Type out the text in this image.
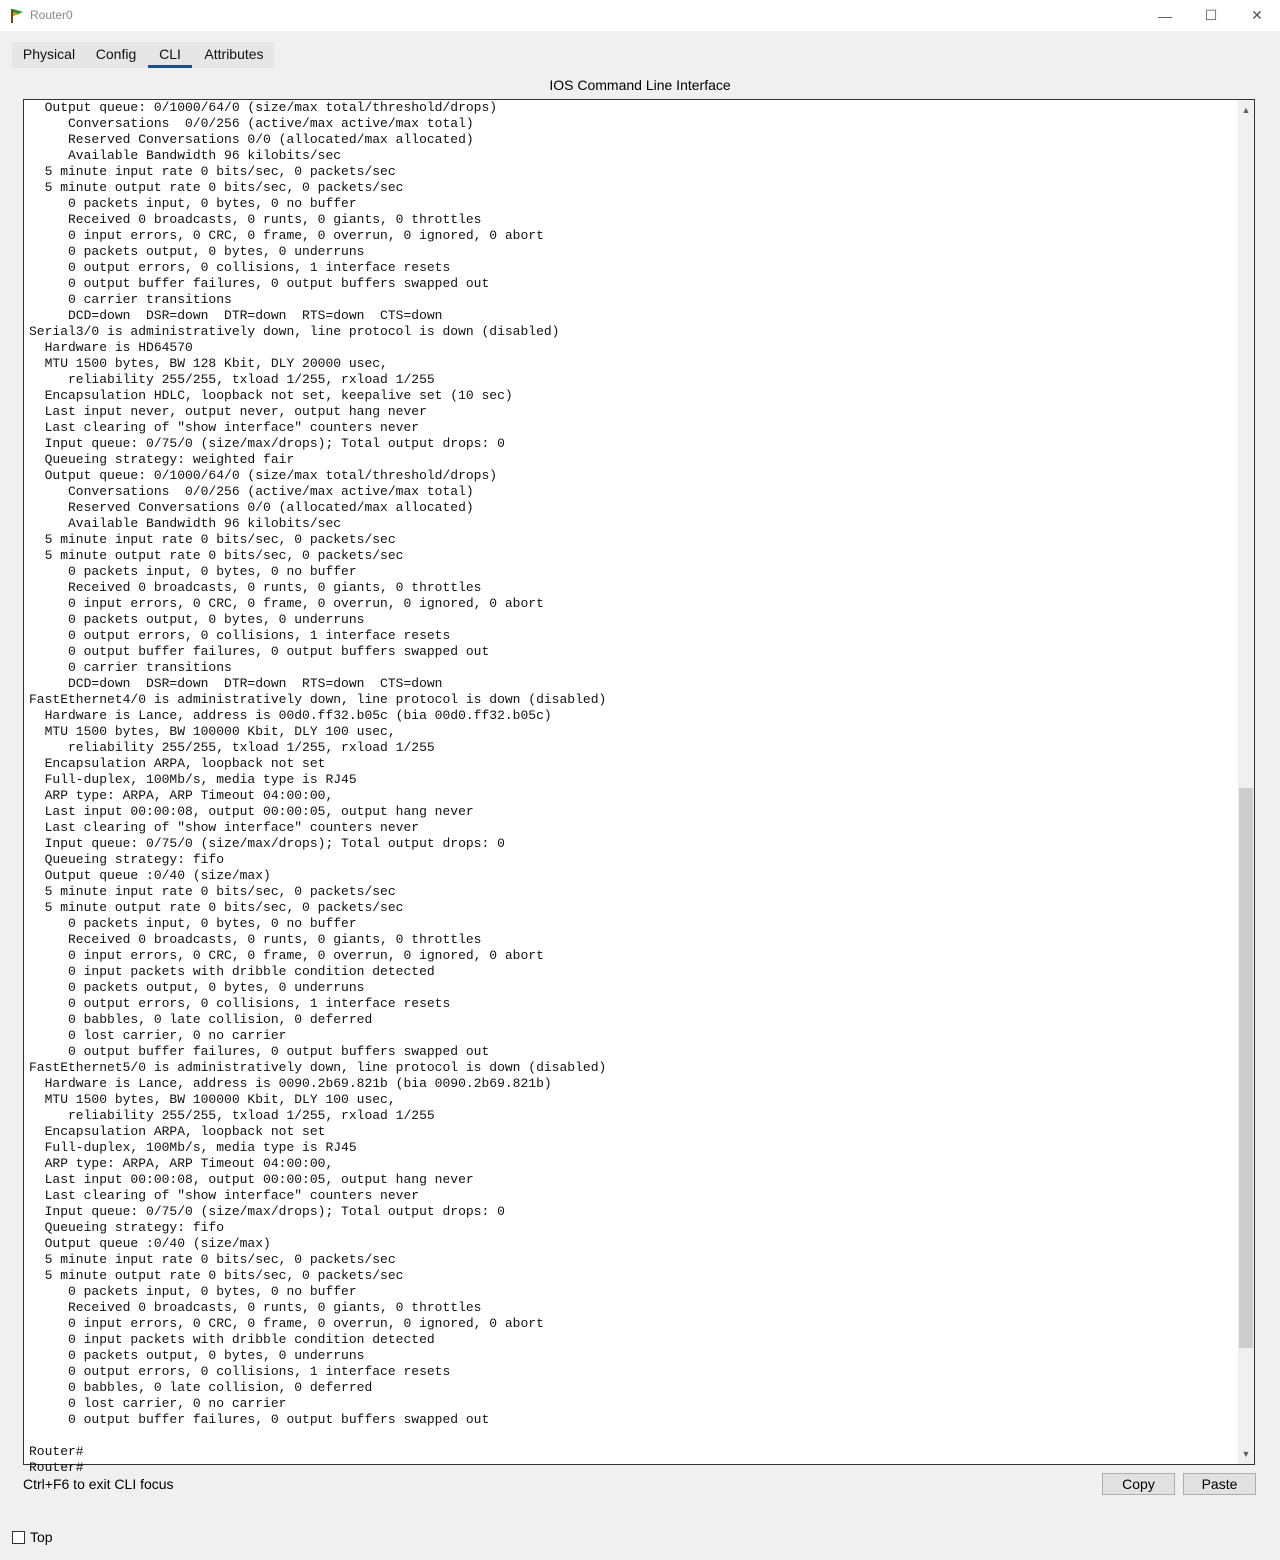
Router0	— ☐ ✕
Physical	Config	CLI	Attributes
IOS Command Line Interface
Output queue: 0/1000/64/0 (size/max total/threshold/drops)
Conversations  0/0/256 (active/max active/max total)
Reserved Conversations 0/0 (allocated/max allocated)
Available Bandwidth 96 kilobits/sec
5 minute input rate 0 bits/sec, 0 packets/sec
5 minute output rate 0 bits/sec, 0 packets/sec
0 packets input, 0 bytes, 0 no buffer
Received 0 broadcasts, 0 runts, 0 giants, 0 throttles
0 input errors, 0 CRC, 0 frame, 0 overrun, 0 ignored, 0 abort
0 packets output, 0 bytes, 0 underruns
0 output errors, 0 collisions, 1 interface resets
0 output buffer failures, 0 output buffers swapped out
0 carrier transitions
DCD=down  DSR=down  DTR=down  RTS=down  CTS=down
Serial3/0 is administratively down, line protocol is down (disabled)
Hardware is HD64570
MTU 1500 bytes, BW 128 Kbit, DLY 20000 usec,
reliability 255/255, txload 1/255, rxload 1/255
Encapsulation HDLC, loopback not set, keepalive set (10 sec)
Last input never, output never, output hang never
Last clearing of "show interface" counters never
Input queue: 0/75/0 (size/max/drops); Total output drops: 0
Queueing strategy: weighted fair
Output queue: 0/1000/64/0 (size/max total/threshold/drops)
Conversations  0/0/256 (active/max active/max total)
Reserved Conversations 0/0 (allocated/max allocated)
Available Bandwidth 96 kilobits/sec
5 minute input rate 0 bits/sec, 0 packets/sec
5 minute output rate 0 bits/sec, 0 packets/sec
0 packets input, 0 bytes, 0 no buffer
Received 0 broadcasts, 0 runts, 0 giants, 0 throttles
0 input errors, 0 CRC, 0 frame, 0 overrun, 0 ignored, 0 abort
0 packets output, 0 bytes, 0 underruns
0 output errors, 0 collisions, 1 interface resets
0 output buffer failures, 0 output buffers swapped out
0 carrier transitions
DCD=down  DSR=down  DTR=down  RTS=down  CTS=down
FastEthernet4/0 is administratively down, line protocol is down (disabled)
Hardware is Lance, address is 00d0.ff32.b05c (bia 00d0.ff32.b05c)
MTU 1500 bytes, BW 100000 Kbit, DLY 100 usec,
reliability 255/255, txload 1/255, rxload 1/255
Encapsulation ARPA, loopback not set
Full-duplex, 100Mb/s, media type is RJ45
ARP type: ARPA, ARP Timeout 04:00:00,
Last input 00:00:08, output 00:00:05, output hang never
Last clearing of "show interface" counters never
Input queue: 0/75/0 (size/max/drops); Total output drops: 0
Queueing strategy: fifo
Output queue :0/40 (size/max)
5 minute input rate 0 bits/sec, 0 packets/sec
5 minute output rate 0 bits/sec, 0 packets/sec
0 packets input, 0 bytes, 0 no buffer
Received 0 broadcasts, 0 runts, 0 giants, 0 throttles
0 input errors, 0 CRC, 0 frame, 0 overrun, 0 ignored, 0 abort
0 input packets with dribble condition detected
0 packets output, 0 bytes, 0 underruns
0 output errors, 0 collisions, 1 interface resets
0 babbles, 0 late collision, 0 deferred
0 lost carrier, 0 no carrier
0 output buffer failures, 0 output buffers swapped out
FastEthernet5/0 is administratively down, line protocol is down (disabled)
Hardware is Lance, address is 0090.2b69.821b (bia 0090.2b69.821b)
MTU 1500 bytes, BW 100000 Kbit, DLY 100 usec,
reliability 255/255, txload 1/255, rxload 1/255
Encapsulation ARPA, loopback not set
Full-duplex, 100Mb/s, media type is RJ45
ARP type: ARPA, ARP Timeout 04:00:00,
Last input 00:00:08, output 00:00:05, output hang never
Last clearing of "show interface" counters never
Input queue: 0/75/0 (size/max/drops); Total output drops: 0
Queueing strategy: fifo
Output queue :0/40 (size/max)
5 minute input rate 0 bits/sec, 0 packets/sec
5 minute output rate 0 bits/sec, 0 packets/sec
0 packets input, 0 bytes, 0 no buffer
Received 0 broadcasts, 0 runts, 0 giants, 0 throttles
0 input errors, 0 CRC, 0 frame, 0 overrun, 0 ignored, 0 abort
0 input packets with dribble condition detected
0 packets output, 0 bytes, 0 underruns
0 output errors, 0 collisions, 1 interface resets
0 babbles, 0 late collision, 0 deferred
0 lost carrier, 0 no carrier
0 output buffer failures, 0 output buffers swapped out

Router#
Router#

▲
▼
Ctrl+F6 to exit CLI focus	Copy	Paste
Top
